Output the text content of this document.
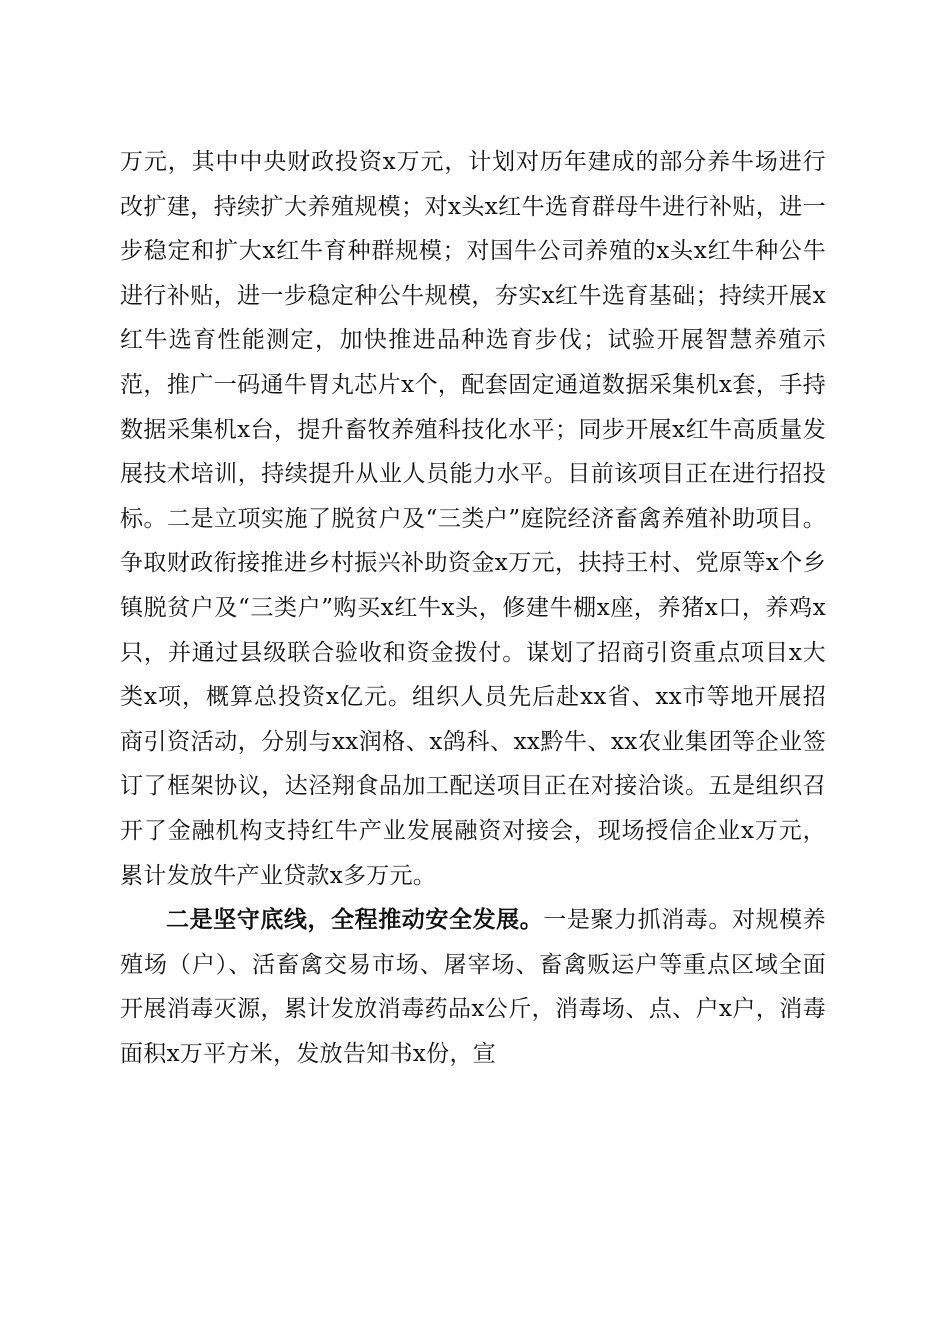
万元，其中中央财政投资x万元，计划对历年建成的部分养牛场进行改扩建，持续扩大养殖规模；对x头x红牛选育群母牛进行补贴，进一步稳定和扩大x红牛育种群规模；对国牛公司养殖的x头x红牛种公牛进行补贴，进一步稳定种公牛规模，夯实x红牛选育基础；持续开展x红牛选育性能测定，加快推进品种选育步伐；试验开展智慧养殖示范，推广一码通牛胃丸芯片x个，配套固定通道数据采集机x套，手持数据采集机x台，提升畜牧养殖科技化水平；同步开展x红牛高质量发展技术培训，持续提升从业人员能力水平。目前该项目正在进行招投标。二是立项实施了脱贫户及“三类户”庭院经济畜禽养殖补助项目。争取财政衔接推进乡村振兴补助资金x万元，扶持王村、党原等x个乡镇脱贫户及“三类户”购买x红牛x头，修建牛棚x座，养猪x口，养鸡x只，并通过县级联合验收和资金拨付。谋划了招商引资重点项目x大类x项，概算总投资x亿元。组织人员先后赴xx省、xx市等地开展招商引资活动，分别与xx润格、x鸽科、xx黔牛、xx农业集团等企业签订了框架协议，达泾翔食品加工配送项目正在对接洽谈。五是组织召开了金融机构支持红牛产业发展融资对接会，现场授信企业x万元，累计发放牛产业贷款x多万元。

二是坚守底线，全程推动安全发展。一是聚力抓消毒。对规模养殖场（户）、活畜禽交易市场、屠宰场、畜禽贩运户等重点区域全面开展消毒灭源，累计发放消毒药品x公斤，消毒场、点、户x户，消毒面积x万平方米，发放告知书x份，宣
